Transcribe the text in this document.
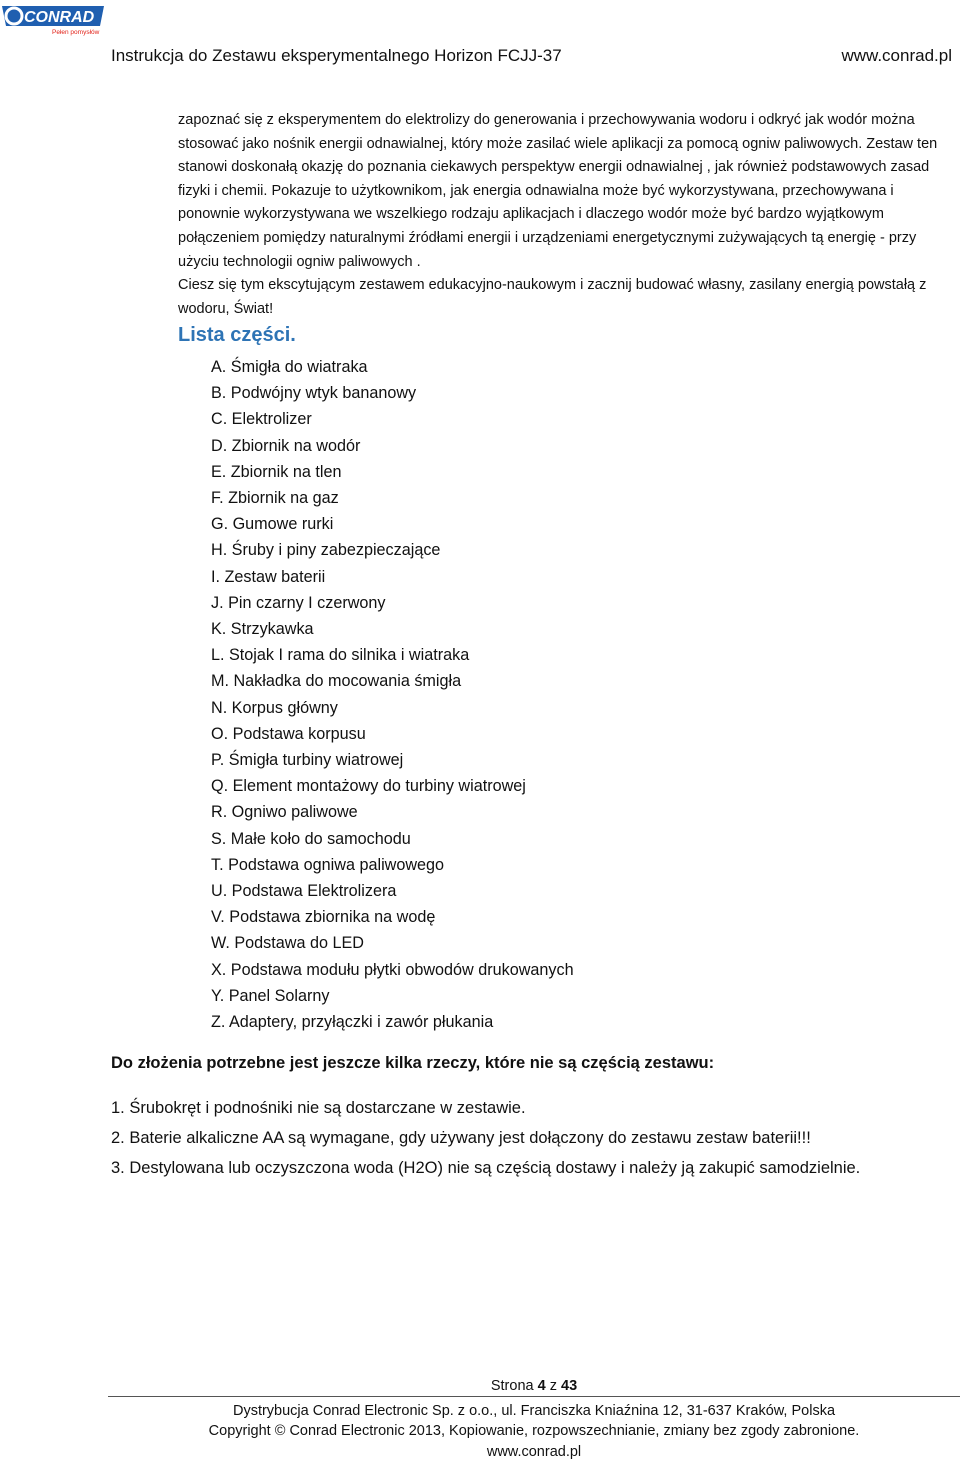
CONRAD
Pełen pomysłów
Instrukcja do Zestawu eksperymentalnego Horizon FCJJ-37	www.conrad.pl

zapoznać się z eksperymentem do elektrolizy do generowania i przechowywania wodoru i odkryć jak wodór można stosować jako nośnik energii odnawialnej, który może zasilać wiele aplikacji za pomocą ogniw paliwowych. Zestaw ten stanowi doskonałą okazję do poznania ciekawych perspektyw energii odnawialnej , jak również podstawowych zasad fizyki i chemii. Pokazuje to użytkownikom, jak energia odnawialna może być wykorzystywana, przechowywana i ponownie wykorzystywana we wszelkiego rodzaju aplikacjach i dlaczego wodór może być bardzo wyjątkowym połączeniem pomiędzy naturalnymi źródłami energii i urządzeniami energetycznymi zużywających tą energię - przy użyciu technologii ogniw paliwowych .

Ciesz się tym ekscytującym zestawem edukacyjno-naukowym i zacznij budować własny, zasilany energią powstałą z wodoru, Świat!

Lista części.
A. Śmigła do wiatraka
B. Podwójny wtyk bananowy
C. Elektrolizer
D. Zbiornik na wodór
E. Zbiornik na tlen
F. Zbiornik na gaz
G. Gumowe rurki
H. Śruby i piny zabezpieczające
I. Zestaw baterii
J. Pin czarny I czerwony
K. Strzykawka
L. Stojak I rama do silnika i wiatraka
M. Nakładka do mocowania śmigła
N. Korpus główny
O. Podstawa korpusu
P. Śmigła turbiny wiatrowej
Q. Element montażowy do turbiny wiatrowej
R. Ogniwo paliwowe
S. Małe koło do samochodu
T. Podstawa ogniwa paliwowego
U. Podstawa Elektrolizera
V. Podstawa zbiornika na wodę
W. Podstawa do LED
X. Podstawa modułu płytki obwodów drukowanych
Y. Panel Solarny
Z. Adaptery, przyłączki i zawór płukania
Do złożenia potrzebne jest jeszcze kilka rzeczy, które nie są częścią zestawu:
1. Śrubokręt i podnośniki nie są dostarczane w zestawie.
2. Baterie alkaliczne AA są wymagane, gdy używany jest dołączony do zestawu zestaw baterii!!!
3. Destylowana lub oczyszczona woda (H2O) nie są częścią dostawy i należy ją zakupić samodzielnie.
Strona 4 z 43
Dystrybucja Conrad Electronic Sp. z o.o., ul. Franciszka Kniaźnina 12, 31-637 Kraków, Polska
Copyright © Conrad Electronic 2013, Kopiowanie, rozpowszechnianie, zmiany bez zgody zabronione.
www.conrad.pl
